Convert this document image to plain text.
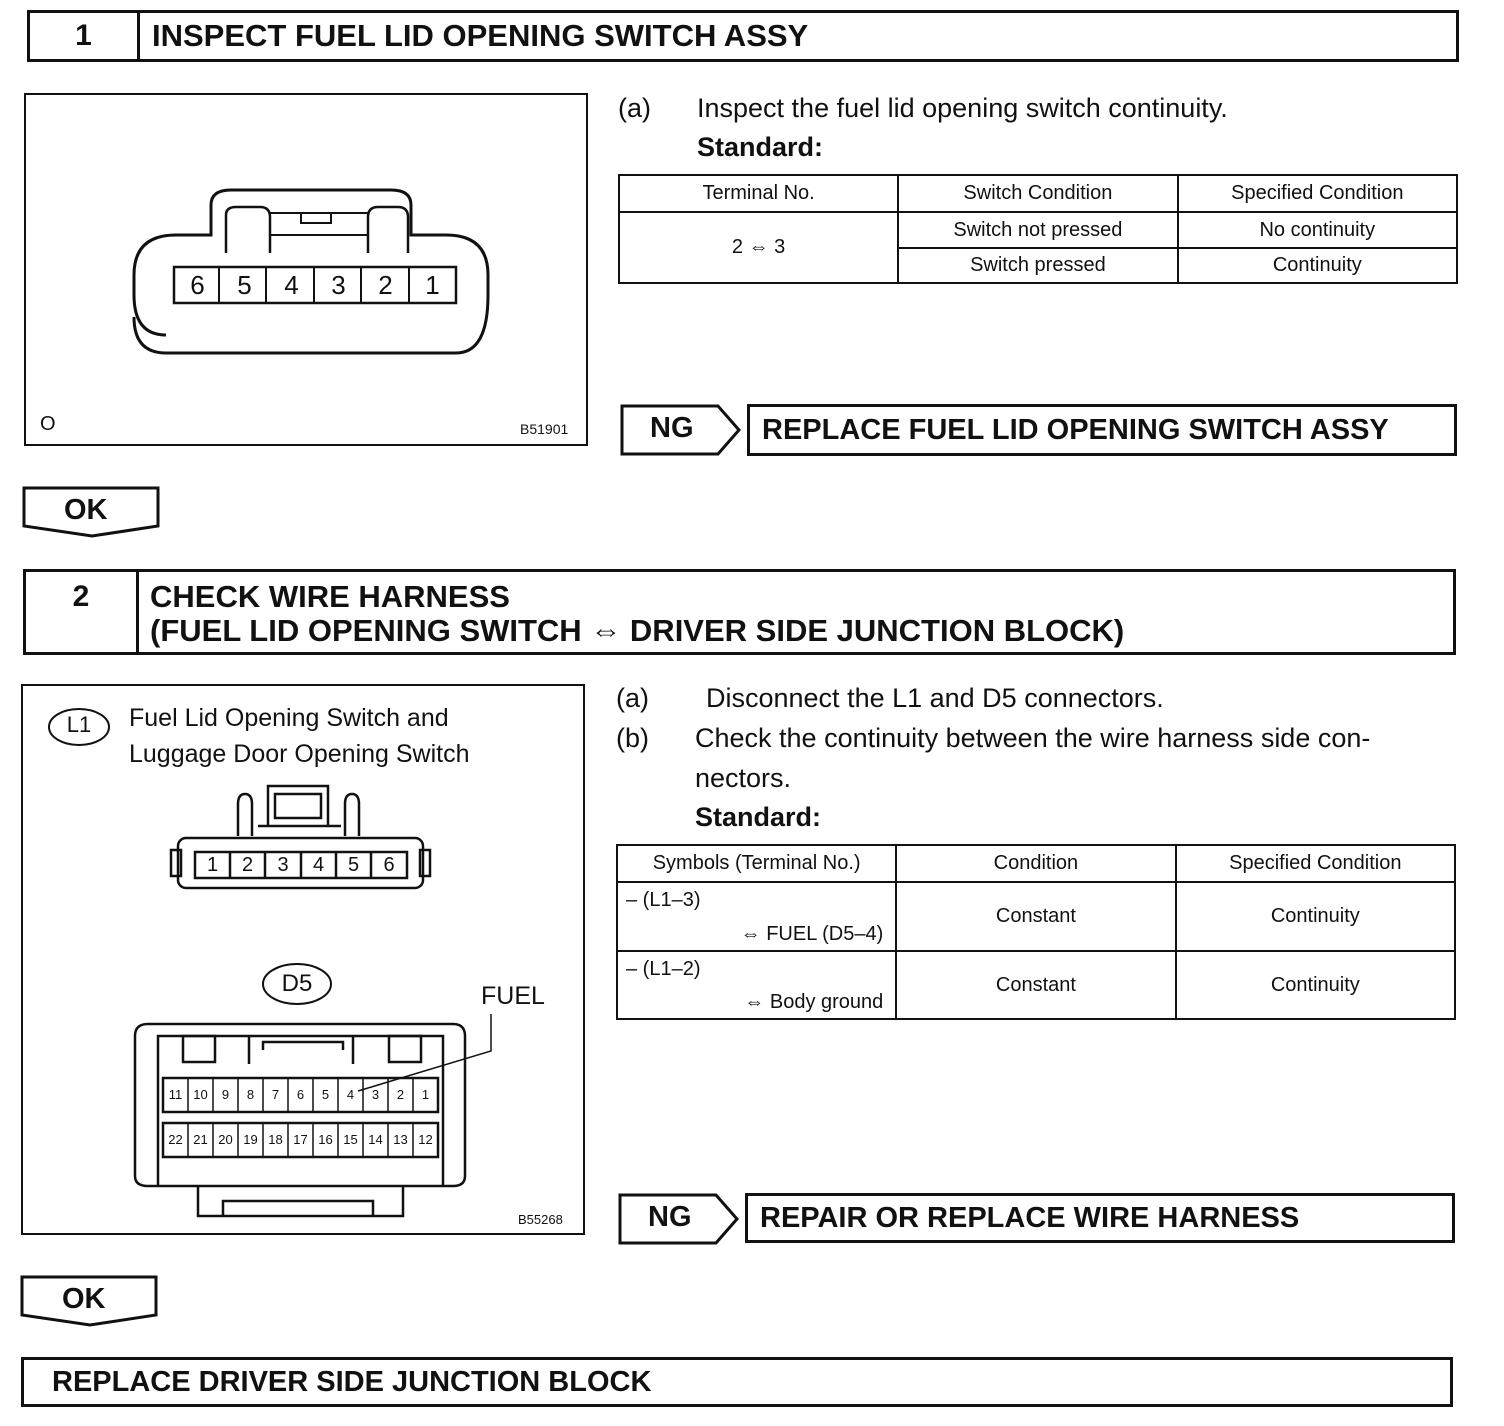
1	INSPECT FUEL LID OPENING SWITCH ASSY
6	5	4	3	2	1
O	B51901
(a) Inspect the fuel lid opening switch continuity.
Standard:
Terminal No.	Switch Condition	Specified Condition
2 ⇔ 3	Switch not pressed	No continuity
	Switch pressed	Continuity
NG	REPLACE FUEL LID OPENING SWITCH ASSY
OK
2	CHECK WIRE HARNESS
(FUEL LID OPENING SWITCH ⇔ DRIVER SIDE JUNCTION BLOCK)
L1	Fuel Lid Opening Switch and
Luggage Door Opening Switch
1	2	3	4	5	6
D5	FUEL
11 10	9	8	7	6	5	4	3	2	1
22 21 20 19 18 17 16 15 14 13 12
B55268
(a) Disconnect the L1 and D5 connectors.
(b) Check the continuity between the wire harness side con-
nectors.
Standard:
Symbols (Terminal No.)	Condition	Specified Condition

– (L1–3)
⇔ FUEL (D5–4)	Constant	Continuity

– (L1–2)
⇔ Body ground	Constant	Continuity
NG	REPAIR OR REPLACE WIRE HARNESS
OK
REPLACE DRIVER SIDE JUNCTION BLOCK
